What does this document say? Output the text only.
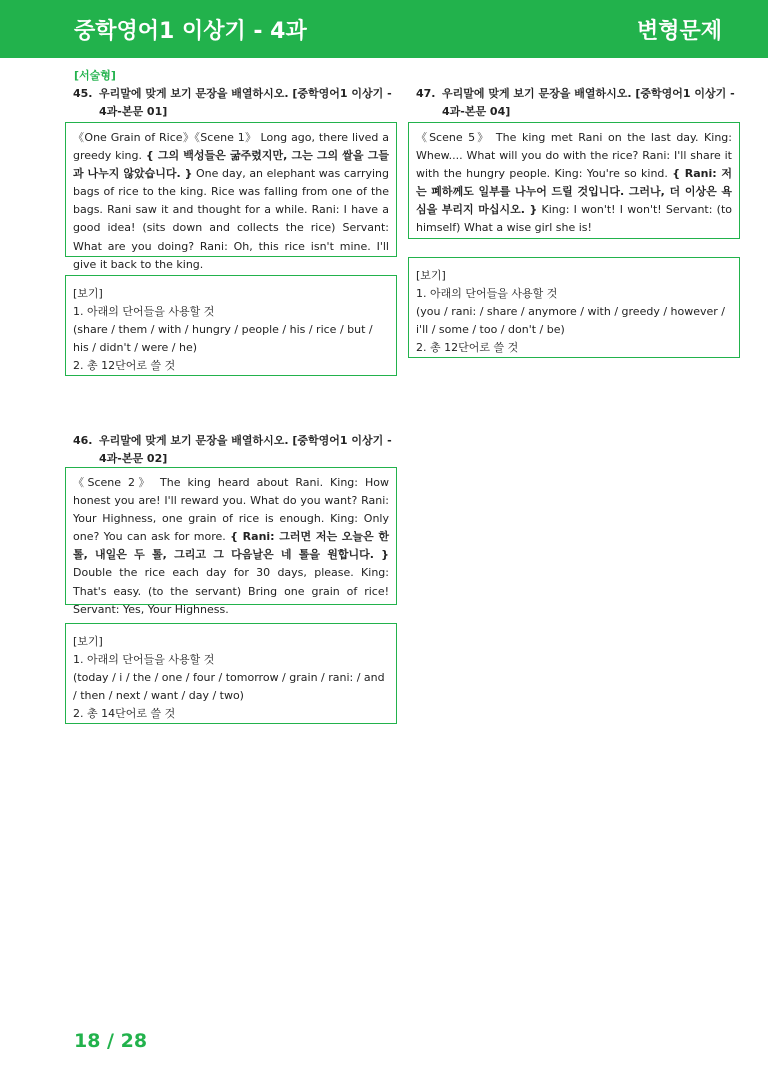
중학영어1 이상기 - 4과	변형문제
[서술형]
45. 우리말에 맞게 보기 문장을 배열하시오. [중학영어1 이상기 -
4과-본문 01]
《One Grain of Rice》《Scene 1》 Long ago, there lived a greedy king. { 그의 백성들은 굶주렸지만, 그는 그의 쌀을 그들과 나누지 않았습니다. } One day, an elephant was carrying bags of rice to the king. Rice was falling from one of the bags. Rani saw it and thought for a while. Rani: I have a good idea! (sits down and collects the rice) Servant: What are you doing? Rani: Oh, this rice isn't mine. I'll give it back to the king.
[보기]
1. 아래의 단어들을 사용할 것
(share / them / with / hungry / people / his / rice / but / his / didn't / were / he)
2. 총 12단어로 쓸 것
46. 우리말에 맞게 보기 문장을 배열하시오. [중학영어1 이상기 -
4과-본문 02]
《Scene 2》 The king heard about Rani. King: How honest you are! I'll reward you. What do you want? Rani: Your Highness, one grain of rice is enough. King: Only one? You can ask for more. { Rani: 그러면 저는 오늘은 한 톨, 내일은 두 톨, 그리고 그 다음날은 네 톨을 원합니다. } Double the rice each day for 30 days, please. King: That's easy. (to the servant) Bring one grain of rice! Servant: Yes, Your Highness.
[보기]
1. 아래의 단어들을 사용할 것
(today / i / the / one / four / tomorrow / grain / rani: / and / then / next / want / day / two)
2. 총 14단어로 쓸 것
47. 우리말에 맞게 보기 문장을 배열하시오. [중학영어1 이상기 -
4과-본문 04]
《Scene 5》 The king met Rani on the last day. King: Whew.... What will you do with the rice? Rani: I'll share it with the hungry people. King: You're so kind. { Rani: 저는 폐하께도 일부를 나누어 드릴 것입니다. 그러나, 더 이상은 욕심을 부리지 마십시오. } King: I won't! I won't! Servant: (to himself) What a wise girl she is!
[보기]
1. 아래의 단어들을 사용할 것
(you / rani: / share / anymore / with / greedy / however / i'll / some / too / don't / be)
2. 총 12단어로 쓸 것
18 / 28
